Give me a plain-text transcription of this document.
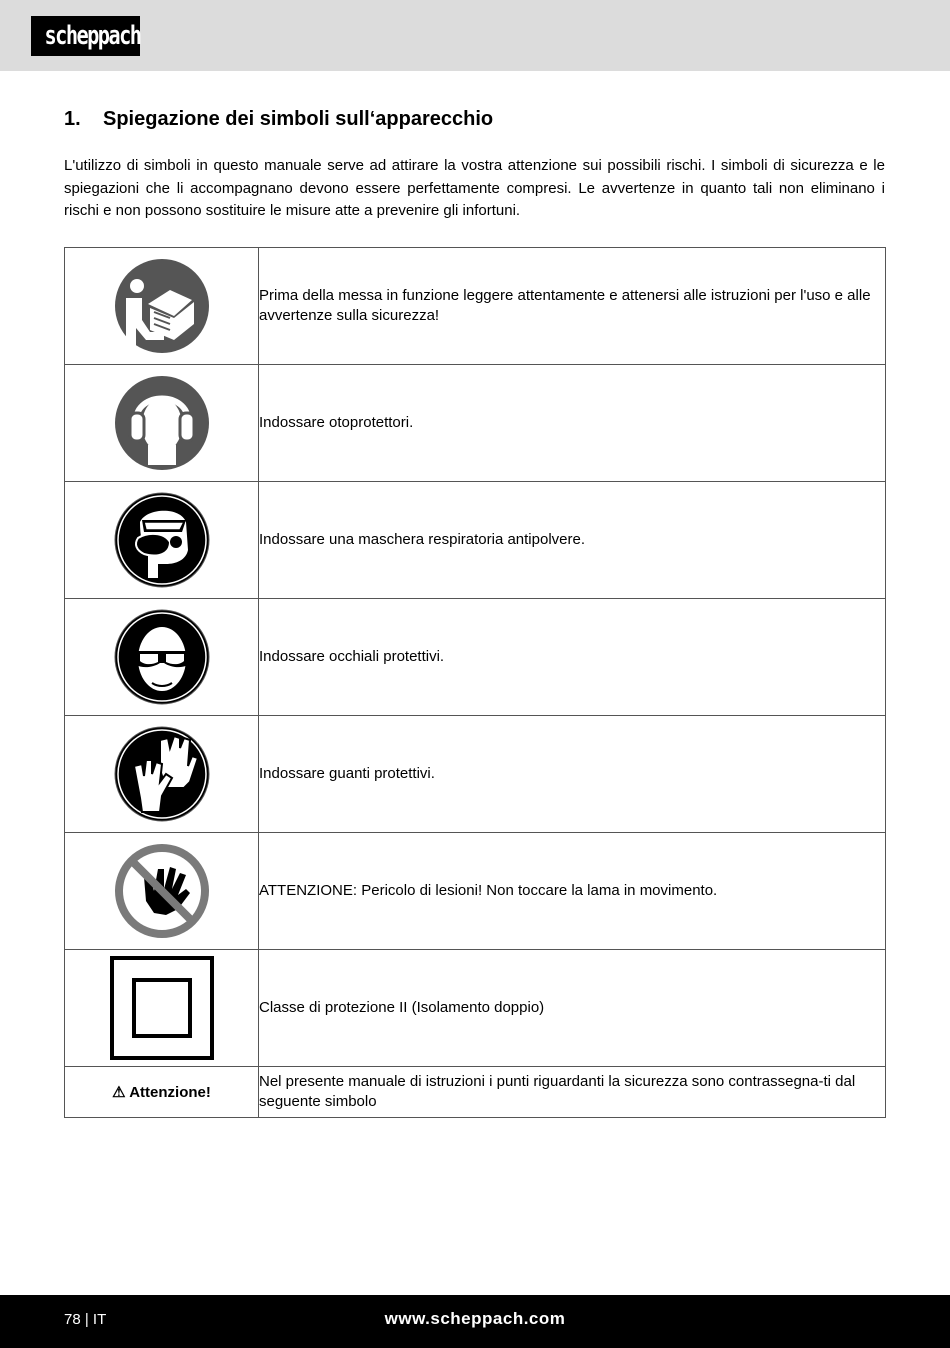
scheppach
1. Spiegazione dei simboli sull‘apparecchio

L'utilizzo di simboli in questo manuale serve ad attirare la vostra attenzione sui possibili rischi. I simboli di sicurezza e le spiegazioni che li accompagnano devono essere perfettamente compresi. Le avvertenze in quanto tali non eliminano i rischi e non possono sostituire le misure atte a prevenire gli infortuni.

	Prima della messa in funzione leggere attentamente e attenersi alle istruzioni per l'uso e alle avvertenze sulla sicurezza!

	Indossare otoprotettori.

	Indossare una maschera respiratoria antipolvere.

	Indossare occhiali protettivi.

	Indossare guanti protettivi.

	ATTENZIONE: Pericolo di lesioni! Non toccare la lama in movimento.

	Classe di protezione II (Isolamento doppio)
⚠ Attenzione!	Nel presente manuale di istruzioni i punti riguardanti la sicurezza sono contrassegna-ti dal seguente simbolo
78 | IT	www.scheppach.com
